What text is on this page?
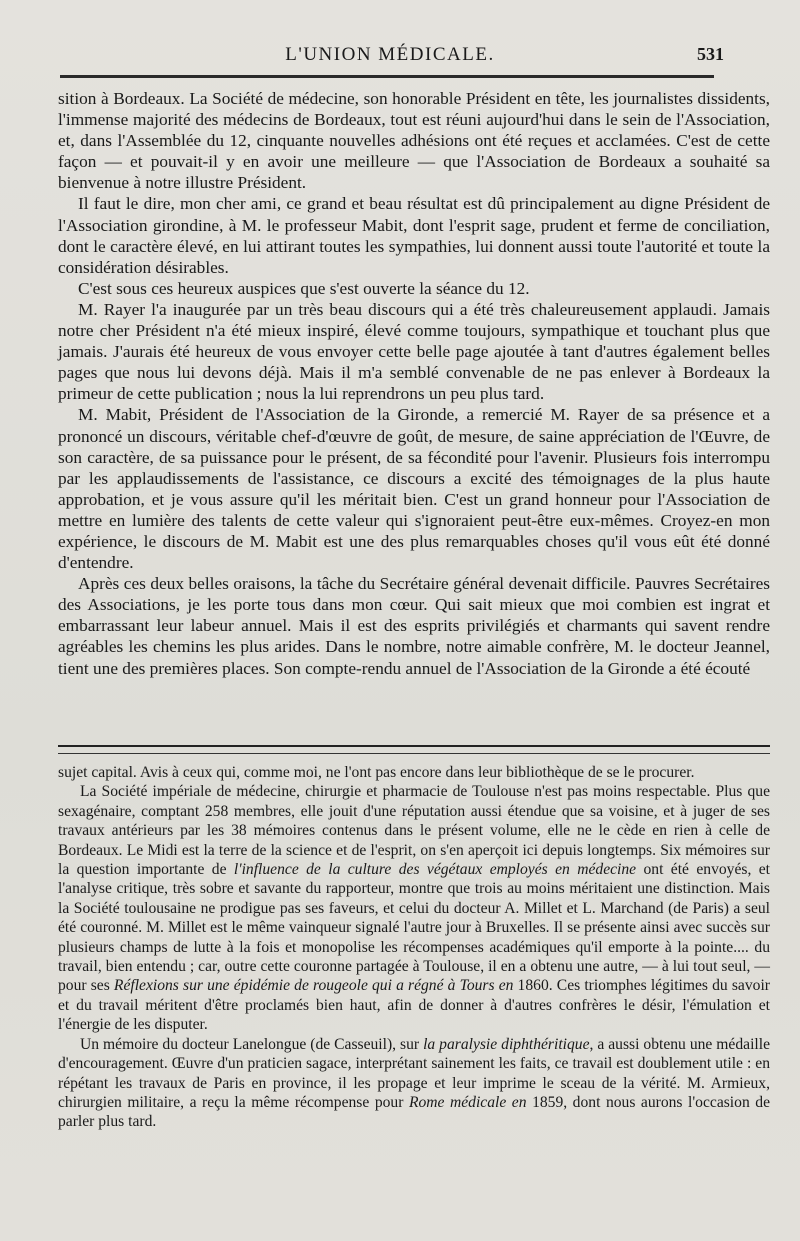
L'UNION MÉDICALE.	531

sition à Bordeaux. La Société de médecine, son honorable Président en tête, les journalistes dissidents, l'immense majorité des médecins de Bordeaux, tout est réuni aujourd'hui dans le sein de l'Association, et, dans l'Assemblée du 12, cinquante nouvelles adhésions ont été reçues et acclamées. C'est de cette façon — et pouvait-il y en avoir une meilleure — que l'Association de Bordeaux a souhaité sa bienvenue à notre illustre Président.

Il faut le dire, mon cher ami, ce grand et beau résultat est dû principalement au digne Président de l'Association girondine, à M. le professeur Mabit, dont l'esprit sage, prudent et ferme de conciliation, dont le caractère élevé, en lui attirant toutes les sympathies, lui donnent aussi toute l'autorité et toute la considération désirables.

C'est sous ces heureux auspices que s'est ouverte la séance du 12.

M. Rayer l'a inaugurée par un très beau discours qui a été très chaleureusement applaudi. Jamais notre cher Président n'a été mieux inspiré, élevé comme toujours, sympathique et touchant plus que jamais. J'aurais été heureux de vous envoyer cette belle page ajoutée à tant d'autres également belles pages que nous lui devons déjà. Mais il m'a semblé convenable de ne pas enlever à Bordeaux la primeur de cette publication ; nous la lui reprendrons un peu plus tard.

M. Mabit, Président de l'Association de la Gironde, a remercié M. Rayer de sa présence et a prononcé un discours, véritable chef-d'œuvre de goût, de mesure, de saine appréciation de l'Œuvre, de son caractère, de sa puissance pour le présent, de sa fécondité pour l'avenir. Plusieurs fois interrompu par les applaudissements de l'assistance, ce discours a excité des témoignages de la plus haute approbation, et je vous assure qu'il les méritait bien. C'est un grand honneur pour l'Association de mettre en lumière des talents de cette valeur qui s'ignoraient peut-être eux-mêmes. Croyez-en mon expérience, le discours de M. Mabit est une des plus remarquables choses qu'il vous eût été donné d'entendre.

Après ces deux belles oraisons, la tâche du Secrétaire général devenait difficile. Pauvres Secrétaires des Associations, je les porte tous dans mon cœur. Qui sait mieux que moi combien est ingrat et embarrassant leur labeur annuel. Mais il est des esprits privilégiés et charmants qui savent rendre agréables les chemins les plus arides. Dans le nombre, notre aimable confrère, M. le docteur Jeannel, tient une des premières places. Son compte-rendu annuel de l'Association de la Gironde a été écouté

sujet capital. Avis à ceux qui, comme moi, ne l'ont pas encore dans leur bibliothèque de se le procurer.

La Société impériale de médecine, chirurgie et pharmacie de Toulouse n'est pas moins respectable. Plus que sexagénaire, comptant 258 membres, elle jouit d'une réputation aussi étendue que sa voisine, et à juger de ses travaux antérieurs par les 38 mémoires contenus dans le présent volume, elle ne le cède en rien à celle de Bordeaux. Le Midi est la terre de la science et de l'esprit, on s'en aperçoit ici depuis longtemps. Six mémoires sur la question importante de l'influence de la culture des végétaux employés en médecine ont été envoyés, et l'analyse critique, très sobre et savante du rapporteur, montre que trois au moins méritaient une distinction. Mais la Société toulousaine ne prodigue pas ses faveurs, et celui du docteur A. Millet et L. Marchand (de Paris) a seul été couronné. M. Millet est le même vainqueur signalé l'autre jour à Bruxelles. Il se présente ainsi avec succès sur plusieurs champs de lutte à la fois et monopolise les récompenses académiques qu'il emporte à la pointe.... du travail, bien entendu ; car, outre cette couronne partagée à Toulouse, il en a obtenu une autre, — à lui tout seul, — pour ses Réflexions sur une épidémie de rougeole qui a régné à Tours en 1860. Ces triomphes légitimes du savoir et du travail méritent d'être proclamés bien haut, afin de donner à d'autres confrères le désir, l'émulation et l'énergie de les disputer.

Un mémoire du docteur Lanelongue (de Casseuil), sur la paralysie diphthéritique, a aussi obtenu une médaille d'encouragement. Œuvre d'un praticien sagace, interprétant sainement les faits, ce travail est doublement utile : en répétant les travaux de Paris en province, il les propage et leur imprime le sceau de la vérité. M. Armieux, chirurgien militaire, a reçu la même récompense pour Rome médicale en 1859, dont nous aurons l'occasion de parler plus tard.
